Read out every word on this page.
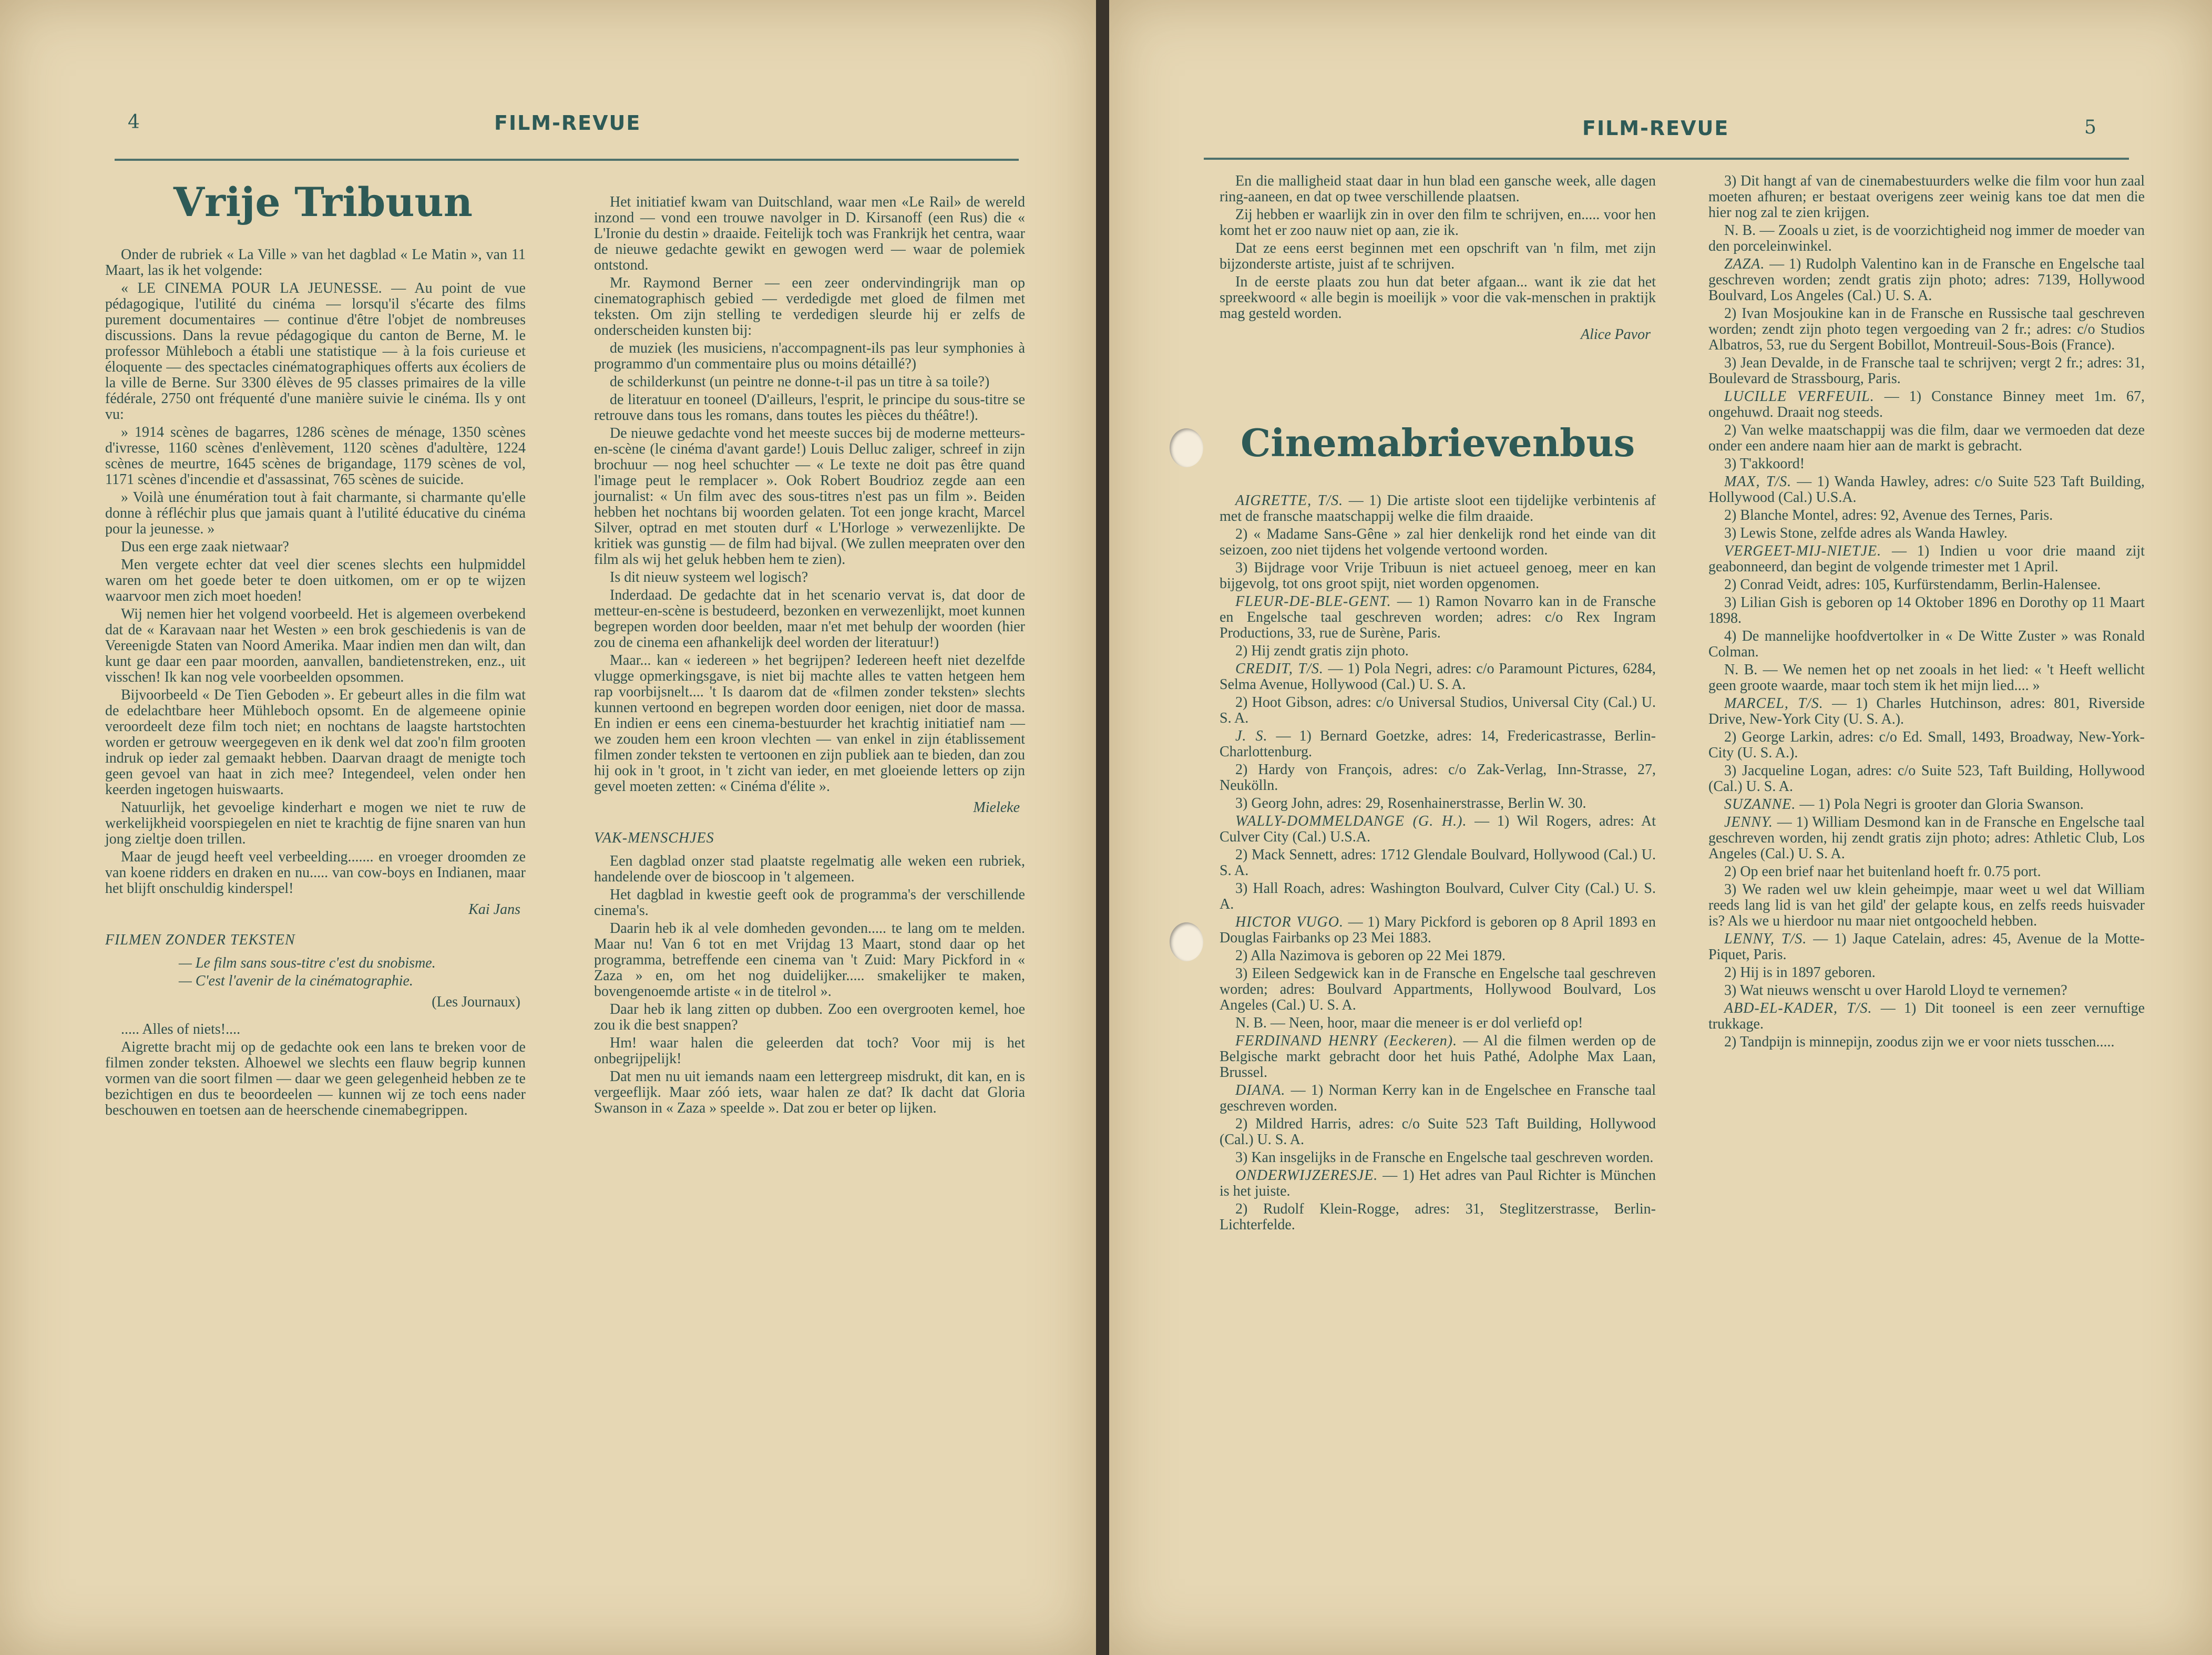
4	FILM-REVUE
Vrije Tribuun

Onder de rubriek « La Ville » van het dagblad « Le Matin », van 11 Maart, las ik het volgende:

« LE CINEMA POUR LA JEUNESSE. — Au point de vue pédagogique, l'utilité du cinéma — lorsqu'il s'écarte des films purement documentaires — continue d'être l'objet de nombreuses discussions. Dans la revue pédagogique du canton de Berne, M. le professor Mühleboch a établi une statistique — à la fois curieuse et éloquente — des spectacles cinématographiques offerts aux écoliers de la ville de Berne. Sur 3300 élèves de 95 classes primaires de la ville fédérale, 2750 ont fréquenté d'une manière suivie le cinéma. Ils y ont vu:

» 1914 scènes de bagarres, 1286 scènes de ménage, 1350 scènes d'ivresse, 1160 scènes d'enlèvement, 1120 scènes d'adultère, 1224 scènes de meurtre, 1645 scènes de brigandage, 1179 scènes de vol, 1171 scènes d'incendie et d'assassinat, 765 scènes de suicide.

» Voilà une énumération tout à fait charmante, si charmante qu'elle donne à réfléchir plus que jamais quant à l'utilité éducative du cinéma pour la jeunesse. »

Dus een erge zaak nietwaar?

Men vergete echter dat veel dier scenes slechts een hulpmiddel waren om het goede beter te doen uitkomen, om er op te wijzen waarvoor men zich moet hoeden!

Wij nemen hier het volgend voorbeeld. Het is algemeen overbekend dat de « Karavaan naar het Westen » een brok geschiedenis is van de Vereenigde Staten van Noord Amerika. Maar indien men dan wilt, dan kunt ge daar een paar moorden, aanvallen, bandietenstreken, enz., uit visschen! Ik kan nog vele voorbeelden opsommen.

Bijvoorbeeld « De Tien Geboden ». Er gebeurt alles in die film wat de edelachtbare heer Mühleboch opsomt. En de algemeene opinie veroordeelt deze film toch niet; en nochtans de laagste hartstochten worden er getrouw weergegeven en ik denk wel dat zoo'n film grooten indruk op ieder zal gemaakt hebben. Daarvan draagt de menigte toch geen gevoel van haat in zich mee? Integendeel, velen onder hen keerden ingetogen huiswaarts.

Natuurlijk, het gevoelige kinderhart e mogen we niet te ruw de werkelijkheid voorspiegelen en niet te krachtig de fijne snaren van hun jong zieltje doen trillen.

Maar de jeugd heeft veel verbeelding....... en vroeger droomden ze van koene ridders en draken en nu..... van cow-boys en Indianen, maar het blijft onschuldig kinderspel!

Kai Jans

FILMEN ZONDER TEKSTEN

— Le film sans sous-titre c'est du snobisme.

— C'est l'avenir de la cinématographie.

(Les Journaux)

..... Alles of niets!....

Aigrette bracht mij op de gedachte ook een lans te breken voor de filmen zonder teksten. Alhoewel we slechts een flauw begrip kunnen vormen van die soort filmen — daar we geen gelegenheid hebben ze te bezichtigen en dus te beoordeelen — kunnen wij ze toch eens nader beschouwen en toetsen aan de heerschende cinemabegrippen.

Het initiatief kwam van Duitschland, waar men «Le Rail» de wereld inzond — vond een trouwe navolger in D. Kirsanoff (een Rus) die « L'Ironie du destin » draaide. Feitelijk toch was Frankrijk het centra, waar de nieuwe gedachte gewikt en gewogen werd — waar de polemiek ontstond.

Mr. Raymond Berner — een zeer ondervindingrijk man op cinematographisch gebied — verdedigde met gloed de filmen met teksten. Om zijn stelling te verdedigen sleurde hij er zelfs de onderscheiden kunsten bij:

de muziek (les musiciens, n'accompagnent-ils pas leur symphonies à programmo d'un commentaire plus ou moins détaillé?)

de schilderkunst (un peintre ne donne-t-il pas un titre à sa toile?)

de literatuur en tooneel (D'ailleurs, l'esprit, le principe du sous-titre se retrouve dans tous les romans, dans toutes les pièces du théâtre!).

De nieuwe gedachte vond het meeste succes bij de moderne metteurs-en-scène (le cinéma d'avant garde!) Louis Delluc zaliger, schreef in zijn brochuur — nog heel schuchter — « Le texte ne doit pas être quand l'image peut le remplacer ». Ook Robert Boudrioz zegde aan een journalist: « Un film avec des sous-titres n'est pas un film ». Beiden hebben het nochtans bij woorden gelaten. Tot een jonge kracht, Marcel Silver, optrad en met stouten durf « L'Horloge » verwezenlijkte. De kritiek was gunstig — de film had bijval. (We zullen meepraten over den film als wij het geluk hebben hem te zien).

Is dit nieuw systeem wel logisch?

Inderdaad. De gedachte dat in het scenario vervat is, dat door de metteur-en-scène is bestudeerd, bezonken en verwezenlijkt, moet kunnen begrepen worden door beelden, maar n'et met behulp der woorden (hier zou de cinema een afhankelijk deel worden der literatuur!)

Maar... kan « iedereen » het begrijpen? Iedereen heeft niet dezelfde vlugge opmerkingsgave, is niet bij machte alles te vatten hetgeen hem rap voorbijsnelt.... 't Is daarom dat de «filmen zonder teksten» slechts kunnen vertoond en begrepen worden door eenigen, niet door de massa. En indien er eens een cinema-bestuurder het krachtig initiatief nam — we zouden hem een kroon vlechten — van enkel in zijn établissement filmen zonder teksten te vertoonen en zijn publiek aan te bieden, dan zou hij ook in 't groot, in 't zicht van ieder, en met gloeiende letters op zijn gevel moeten zetten: « Cinéma d'élite ».

Mieleke

VAK-MENSCHJES

Een dagblad onzer stad plaatste regelmatig alle weken een rubriek, handelende over de bioscoop in 't algemeen.

Het dagblad in kwestie geeft ook de programma's der verschillende cinema's.

Daarin heb ik al vele domheden gevonden..... te lang om te melden. Maar nu! Van 6 tot en met Vrijdag 13 Maart, stond daar op het programma, betreffende een cinema van 't Zuid: Mary Pickford in « Zaza » en, om het nog duidelijker..... smakelijker te maken, bovengenoemde artiste « in de titelrol ».

Daar heb ik lang zitten op dubben. Zoo een overgrooten kemel, hoe zou ik die best snappen?

Hm! waar halen die geleerden dat toch? Voor mij is het onbegrijpelijk!

Dat men nu uit iemands naam een lettergreep misdrukt, dit kan, en is vergeeflijk. Maar zóó iets, waar halen ze dat? Ik dacht dat Gloria Swanson in « Zaza » speelde ». Dat zou er beter op lijken.

FILM-REVUE	5

En die malligheid staat daar in hun blad een gansche week, alle dagen ring-aaneen, en dat op twee verschillende plaatsen.

Zij hebben er waarlijk zin in over den film te schrijven, en..... voor hen komt het er zoo nauw niet op aan, zie ik.

Dat ze eens eerst beginnen met een opschrift van 'n film, met zijn bijzonderste artiste, juist af te schrijven.

In de eerste plaats zou hun dat beter afgaan... want ik zie dat het spreekwoord « alle begin is moeilijk » voor die vak-menschen in praktijk mag gesteld worden.

Alice Pavor

Cinemabrievenbus

AIGRETTE, T/S. — 1) Die artiste sloot een tijdelijke verbintenis af met de fransche maatschappij welke die film draaide.

2) « Madame Sans-Gêne » zal hier denkelijk rond het einde van dit seizoen, zoo niet tijdens het volgende vertoond worden.

3) Bijdrage voor Vrije Tribuun is niet actueel genoeg, meer en kan bijgevolg, tot ons groot spijt, niet worden opgenomen.

FLEUR-DE-BLE-GENT. — 1) Ramon Novarro kan in de Fransche en Engelsche taal geschreven worden; adres: c/o Rex Ingram Productions, 33, rue de Surène, Paris.

2) Hij zendt gratis zijn photo.

CREDIT, T/S. — 1) Pola Negri, adres: c/o Paramount Pictures, 6284, Selma Avenue, Hollywood (Cal.) U. S. A.

2) Hoot Gibson, adres: c/o Universal Studios, Universal City (Cal.) U. S. A.

J. S. — 1) Bernard Goetzke, adres: 14, Fredericastrasse, Berlin-Charlottenburg.

2) Hardy von François, adres: c/o Zak-Verlag, Inn-Strasse, 27, Neukölln.

3) Georg John, adres: 29, Rosenhainerstrasse, Berlin W. 30.

WALLY-DOMMELDANGE (G. H.). — 1) Wil Rogers, adres: At Culver City (Cal.) U.S.A.

2) Mack Sennett, adres: 1712 Glendale Boulvard, Hollywood (Cal.) U. S. A.

3) Hall Roach, adres: Washington Boulvard, Culver City (Cal.) U. S. A.

HICTOR VUGO. — 1) Mary Pickford is geboren op 8 April 1893 en Douglas Fairbanks op 23 Mei 1883.

2) Alla Nazimova is geboren op 22 Mei 1879.

3) Eileen Sedgewick kan in de Fransche en Engelsche taal geschreven worden; adres: Boulvard Appartments, Hollywood Boulvard, Los Angeles (Cal.) U. S. A.

N. B. — Neen, hoor, maar die meneer is er dol verliefd op!

FERDINAND HENRY (Eeckeren). — Al die filmen werden op de Belgische markt gebracht door het huis Pathé, Adolphe Max Laan, Brussel.

DIANA. — 1) Norman Kerry kan in de Engelschee en Fransche taal geschreven worden.

2) Mildred Harris, adres: c/o Suite 523 Taft Building, Hollywood (Cal.) U. S. A.

3) Kan insgelijks in de Fransche en Engelsche taal geschreven worden.

ONDERWIJZERESJE. — 1) Het adres van Paul Richter is München is het juiste.

2) Rudolf Klein-Rogge, adres: 31, Steglitzerstrasse, Berlin-Lichterfelde.

3) Dit hangt af van de cinemabestuurders welke die film voor hun zaal moeten afhuren; er bestaat overigens zeer weinig kans toe dat men die hier nog zal te zien krijgen.

N. B. — Zooals u ziet, is de voorzichtigheid nog immer de moeder van den porceleinwinkel.

ZAZA. — 1) Rudolph Valentino kan in de Fransche en Engelsche taal geschreven worden; zendt gratis zijn photo; adres: 7139, Hollywood Boulvard, Los Angeles (Cal.) U. S. A.

2) Ivan Mosjoukine kan in de Fransche en Russische taal geschreven worden; zendt zijn photo tegen vergoeding van 2 fr.; adres: c/o Studios Albatros, 53, rue du Sergent Bobillot, Montreuil-Sous-Bois (France).

3) Jean Devalde, in de Fransche taal te schrijven; vergt 2 fr.; adres: 31, Boulevard de Strassbourg, Paris.

LUCILLE VERFEUIL. — 1) Constance Binney meet 1m. 67, ongehuwd. Draait nog steeds.

2) Van welke maatschappij was die film, daar we vermoeden dat deze onder een andere naam hier aan de markt is gebracht.

3) T'akkoord!

MAX, T/S. — 1) Wanda Hawley, adres: c/o Suite 523 Taft Building, Hollywood (Cal.) U.S.A.

2) Blanche Montel, adres: 92, Avenue des Ternes, Paris.

3) Lewis Stone, zelfde adres als Wanda Hawley.

VERGEET-MIJ-NIETJE. — 1) Indien u voor drie maand zijt geabonneerd, dan begint de volgende trimester met 1 April.

2) Conrad Veidt, adres: 105, Kurfürstendamm, Berlin-Halensee.

3) Lilian Gish is geboren op 14 Oktober 1896 en Dorothy op 11 Maart 1898.

4) De mannelijke hoofdvertolker in « De Witte Zuster » was Ronald Colman.

N. B. — We nemen het op net zooals in het lied: « 't Heeft wellicht geen groote waarde, maar toch stem ik het mijn lied.... »

MARCEL, T/S. — 1) Charles Hutchinson, adres: 801, Riverside Drive, New-York City (U. S. A.).

2) George Larkin, adres: c/o Ed. Small, 1493, Broadway, New-York-City (U. S. A.).

3) Jacqueline Logan, adres: c/o Suite 523, Taft Building, Hollywood (Cal.) U. S. A.

SUZANNE. — 1) Pola Negri is grooter dan Gloria Swanson.

JENNY. — 1) William Desmond kan in de Fransche en Engelsche taal geschreven worden, hij zendt gratis zijn photo; adres: Athletic Club, Los Angeles (Cal.) U. S. A.

2) Op een brief naar het buitenland hoeft fr. 0.75 port.

3) We raden wel uw klein geheimpje, maar weet u wel dat William reeds lang lid is van het gild' der gelapte kous, en zelfs reeds huisvader is? Als we u hierdoor nu maar niet ontgoocheld hebben.

LENNY, T/S. — 1) Jaque Catelain, adres: 45, Avenue de la Motte-Piquet, Paris.

2) Hij is in 1897 geboren.

3) Wat nieuws wenscht u over Harold Lloyd te vernemen?

ABD-EL-KADER, T/S. — 1) Dit tooneel is een zeer vernuftige trukkage.

2) Tandpijn is minnepijn, zoodus zijn we er voor niets tusschen.....
